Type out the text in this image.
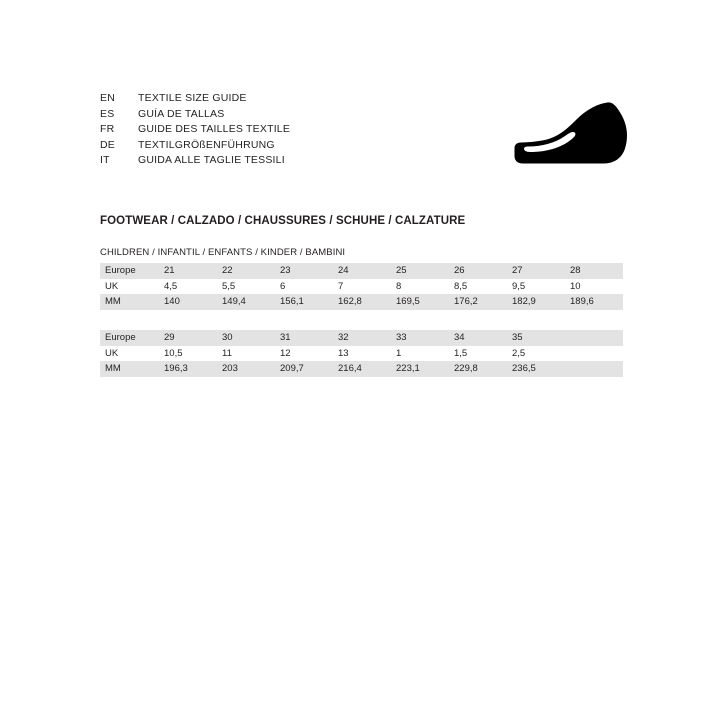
EN	TEXTILE SIZE GUIDE
ES	GUÍA DE TALLAS
FR	GUIDE DES TAILLES TEXTILE
DE	TEXTILGRÖßENFÜHRUNG
IT	GUIDA ALLE TAGLIE TESSILI
FOOTWEAR / CALZADO / CHAUSSURES / SCHUHE / CALZATURE
CHILDREN / INFANTIL / ENFANTS / KINDER / BAMBINI
Europe	21	22	23	24	25	26	27	28
UK	4,5	5,5	6	7	8	8,5	9,5	10
MM	140	149,4	156,1	162,8	169,5	176,2	182,9	189,6
Europe	29	30	31	32	33	34	35	
UK	10,5	11	12	13	1	1,5	2,5	
MM	196,3	203	209,7	216,4	223,1	229,8	236,5	
